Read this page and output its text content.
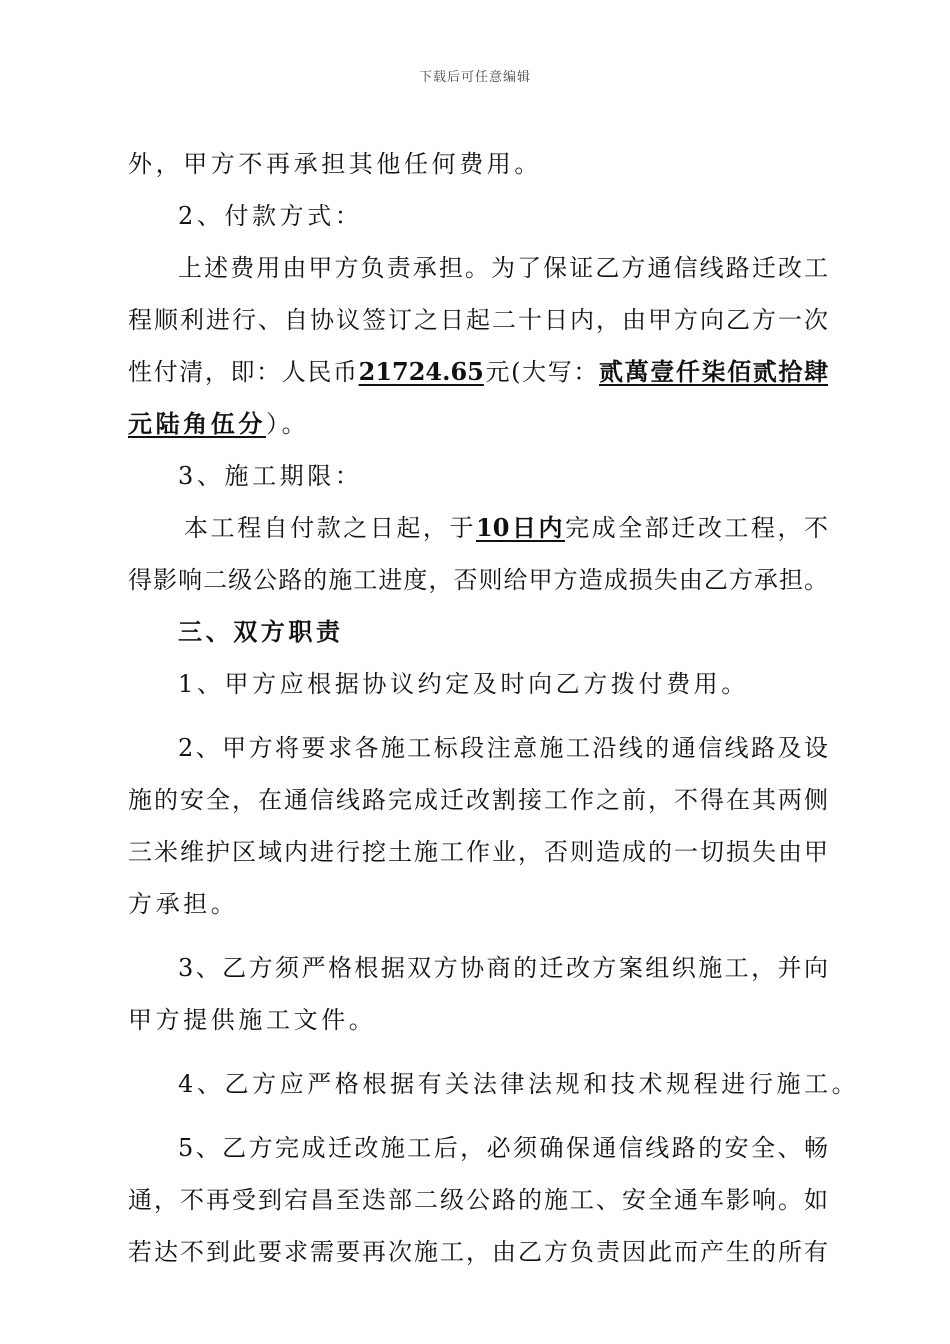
下载后可任意编辑
外，甲方不再承担其他任何费用。
2、付款方式：
上述费用由甲方负责承担。为了保证乙方通信线路迁改工
程顺利进行、自协议签订之日起二十日内，由甲方向乙方一次
性付清，即：人民币21724.65元(大写：贰萬壹仟柒佰贰拾肆
元陆角伍分）。
3、施工期限：
本工程自付款之日起，于10日内完成全部迁改工程，不
得影响二级公路的施工进度，否则给甲方造成损失由乙方承担。
三、双方职责
1、甲方应根据协议约定及时向乙方拨付费用。
2、甲方将要求各施工标段注意施工沿线的通信线路及设
施的安全，在通信线路完成迁改割接工作之前，不得在其两侧
三米维护区域内进行挖土施工作业，否则造成的一切损失由甲
方承担。
3、乙方须严格根据双方协商的迁改方案组织施工，并向
甲方提供施工文件。
4、乙方应严格根据有关法律法规和技术规程进行施工。
5、乙方完成迁改施工后，必须确保通信线路的安全、畅
通，不再受到宕昌至迭部二级公路的施工、安全通车影响。如
若达不到此要求需要再次施工，由乙方负责因此而产生的所有
